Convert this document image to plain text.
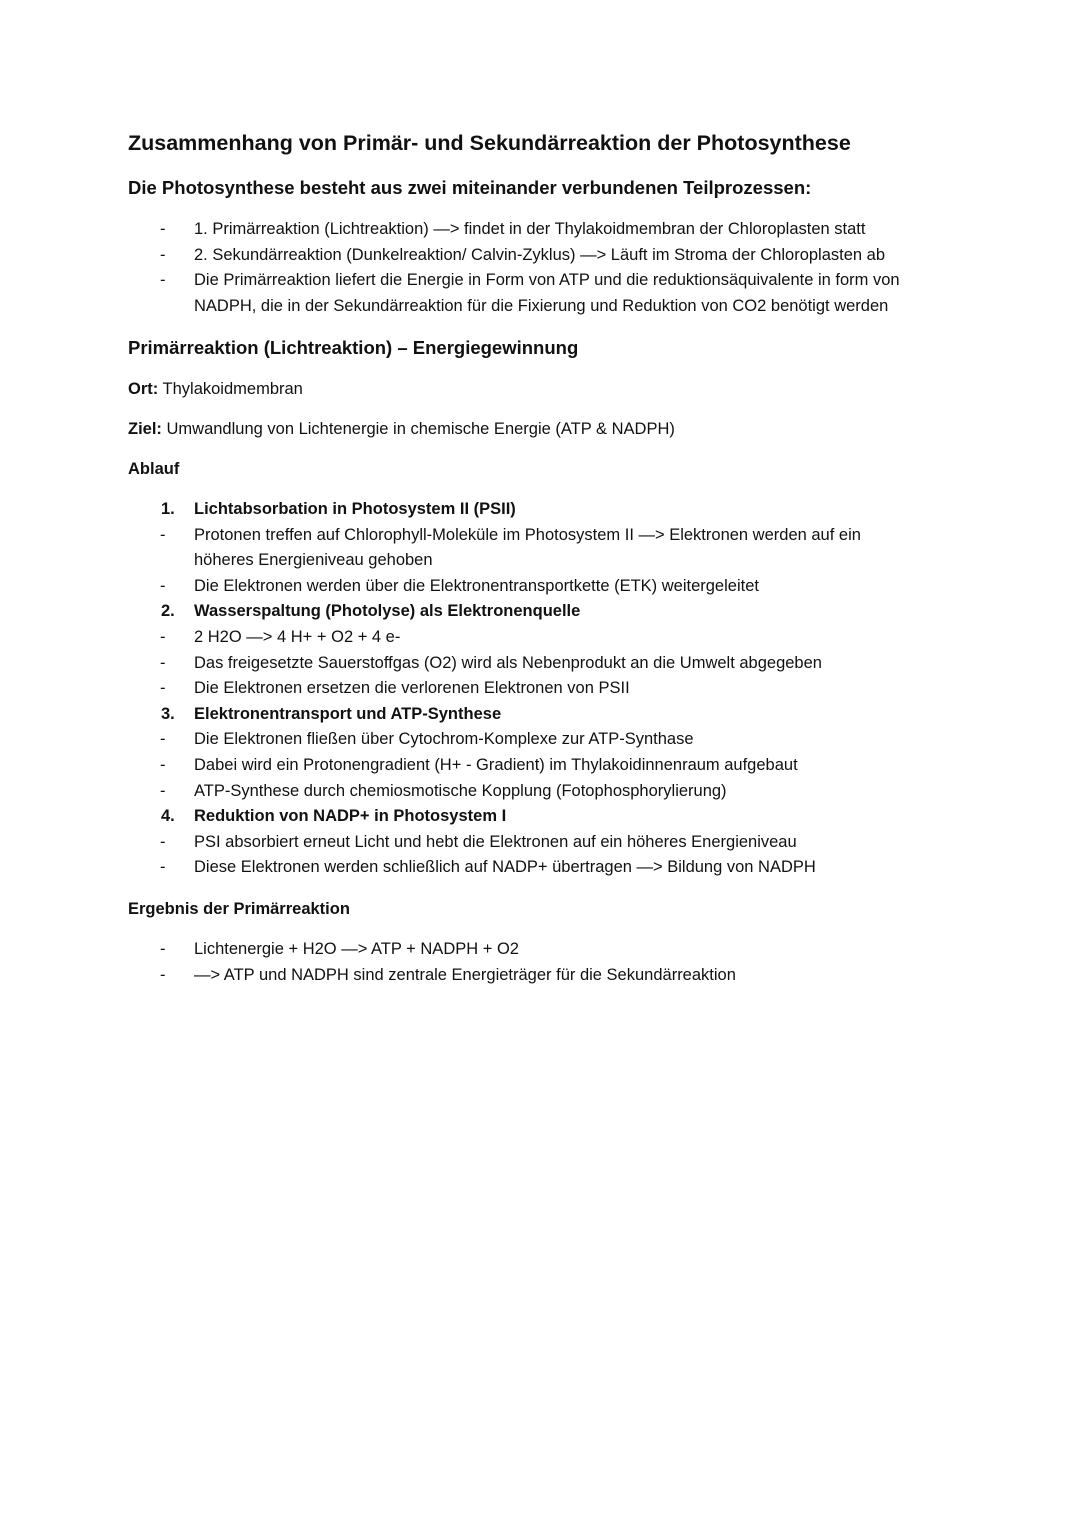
Zusammenhang von Primär- und Sekundärreaktion der Photosynthese
Die Photosynthese besteht aus zwei miteinander verbundenen Teilprozessen:
- 1. Primärreaktion (Lichtreaktion) —> findet in der Thylakoidmembran der Chloroplasten statt
- 2. Sekundärreaktion (Dunkelreaktion/ Calvin-Zyklus) —> Läuft im Stroma der Chloroplasten ab
- Die Primärreaktion liefert die Energie in Form von ATP und die reduktionsäquivalente in form von NADPH, die in der Sekundärreaktion für die Fixierung und Reduktion von CO2 benötigt werden
Primärreaktion (Lichtreaktion) – Energiegewinnung
Ort: Thylakoidmembran
Ziel: Umwandlung von Lichtenergie in chemische Energie (ATP & NADPH)
Ablauf
1. Lichtabsorbation in Photosystem II (PSII)
- Protonen treffen auf Chlorophyll-Moleküle im Photosystem II —> Elektronen werden auf ein höheres Energieniveau gehoben
- Die Elektronen werden über die Elektronentransportkette (ETK) weitergeleitet
2. Wasserspaltung (Photolyse) als Elektronenquelle
- 2 H2O —> 4 H+ + O2 + 4 e-
- Das freigesetzte Sauerstoffgas (O2) wird als Nebenprodukt an die Umwelt abgegeben
- Die Elektronen ersetzen die verlorenen Elektronen von PSII
3. Elektronentransport und ATP-Synthese
- Die Elektronen fließen über Cytochrom-Komplexe zur ATP-Synthase
- Dabei wird ein Protonengradient (H+ - Gradient) im Thylakoidinnenraum aufgebaut
- ATP-Synthese durch chemiosmotische Kopplung (Fotophosphorylierung)
4. Reduktion von NADP+ in Photosystem I
- PSI absorbiert erneut Licht und hebt die Elektronen auf ein höheres Energieniveau
- Diese Elektronen werden schließlich auf NADP+ übertragen —> Bildung von NADPH
Ergebnis der Primärreaktion
- Lichtenergie + H2O —> ATP + NADPH + O2
- —> ATP und NADPH sind zentrale Energieträger für die Sekundärreaktion
